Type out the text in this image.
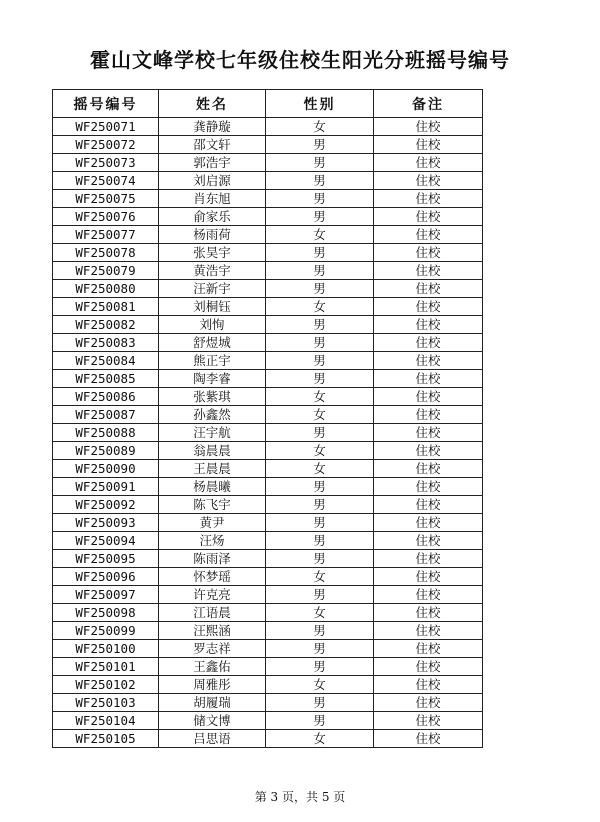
霍山文峰学校七年级住校生阳光分班摇号编号
摇号编号	姓名	性别	备注
WF250071	龚静璇	女	住校
WF250072	邵文轩	男	住校
WF250073	郭浩宇	男	住校
WF250074	刘启源	男	住校
WF250075	肖东旭	男	住校
WF250076	俞家乐	男	住校
WF250077	杨雨荷	女	住校
WF250078	张昊宇	男	住校
WF250079	黄浩宇	男	住校
WF250080	汪新宇	男	住校
WF250081	刘桐钰	女	住校
WF250082	刘恂	男	住校
WF250083	舒煜城	男	住校
WF250084	熊正宇	男	住校
WF250085	陶李睿	男	住校
WF250086	张紫琪	女	住校
WF250087	孙鑫然	女	住校
WF250088	汪宇航	男	住校
WF250089	翁晨晨	女	住校
WF250090	王晨晨	女	住校
WF250091	杨晨曦	男	住校
WF250092	陈飞宇	男	住校
WF250093	黄尹	男	住校
WF250094	汪炀	男	住校
WF250095	陈雨泽	男	住校
WF250096	怀梦瑶	女	住校
WF250097	许克亮	男	住校
WF250098	江语晨	女	住校
WF250099	汪熙涵	男	住校
WF250100	罗志祥	男	住校
WF250101	王鑫佑	男	住校
WF250102	周雅彤	女	住校
WF250103	胡履瑞	男	住校
WF250104	储文博	男	住校
WF250105	吕思语	女	住校
第 3 页，共 5 页
